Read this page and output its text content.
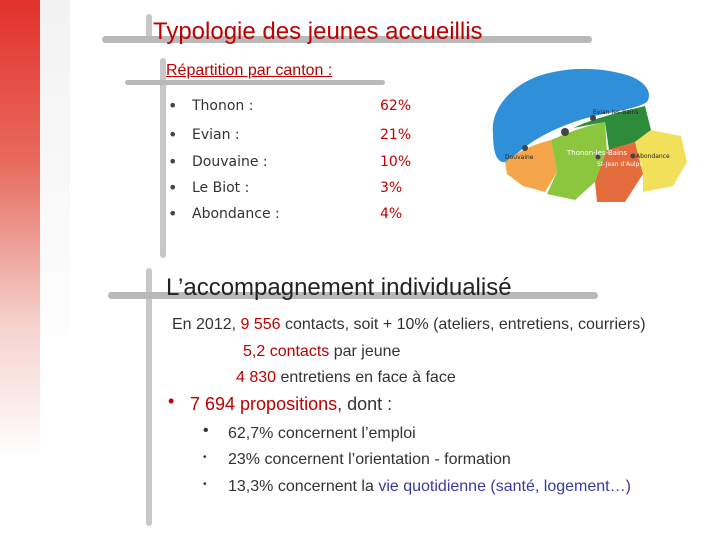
Typologie des jeunes accueillis
Répartition par canton :
• Thonon :	62%
• Evian :	21%
• Douvaine :	10%
• Le Biot :	3%
• Abondance :	4%
Evian-les-Bains
Thonon-les-Bains
Douvaine
St-Jean d'Aulps
Abondance
L’accompagnement individualisé
En 2012, 9 556 contacts, soit + 10% (ateliers, entretiens, courriers)
5,2 contacts par jeune
4 830 entretiens en face à face
• 7 694 propositions, dont :
• 62,7% concernent l’emploi
• 23% concernent l’orientation - formation
• 13,3% concernent la vie quotidienne (santé, logement…)
